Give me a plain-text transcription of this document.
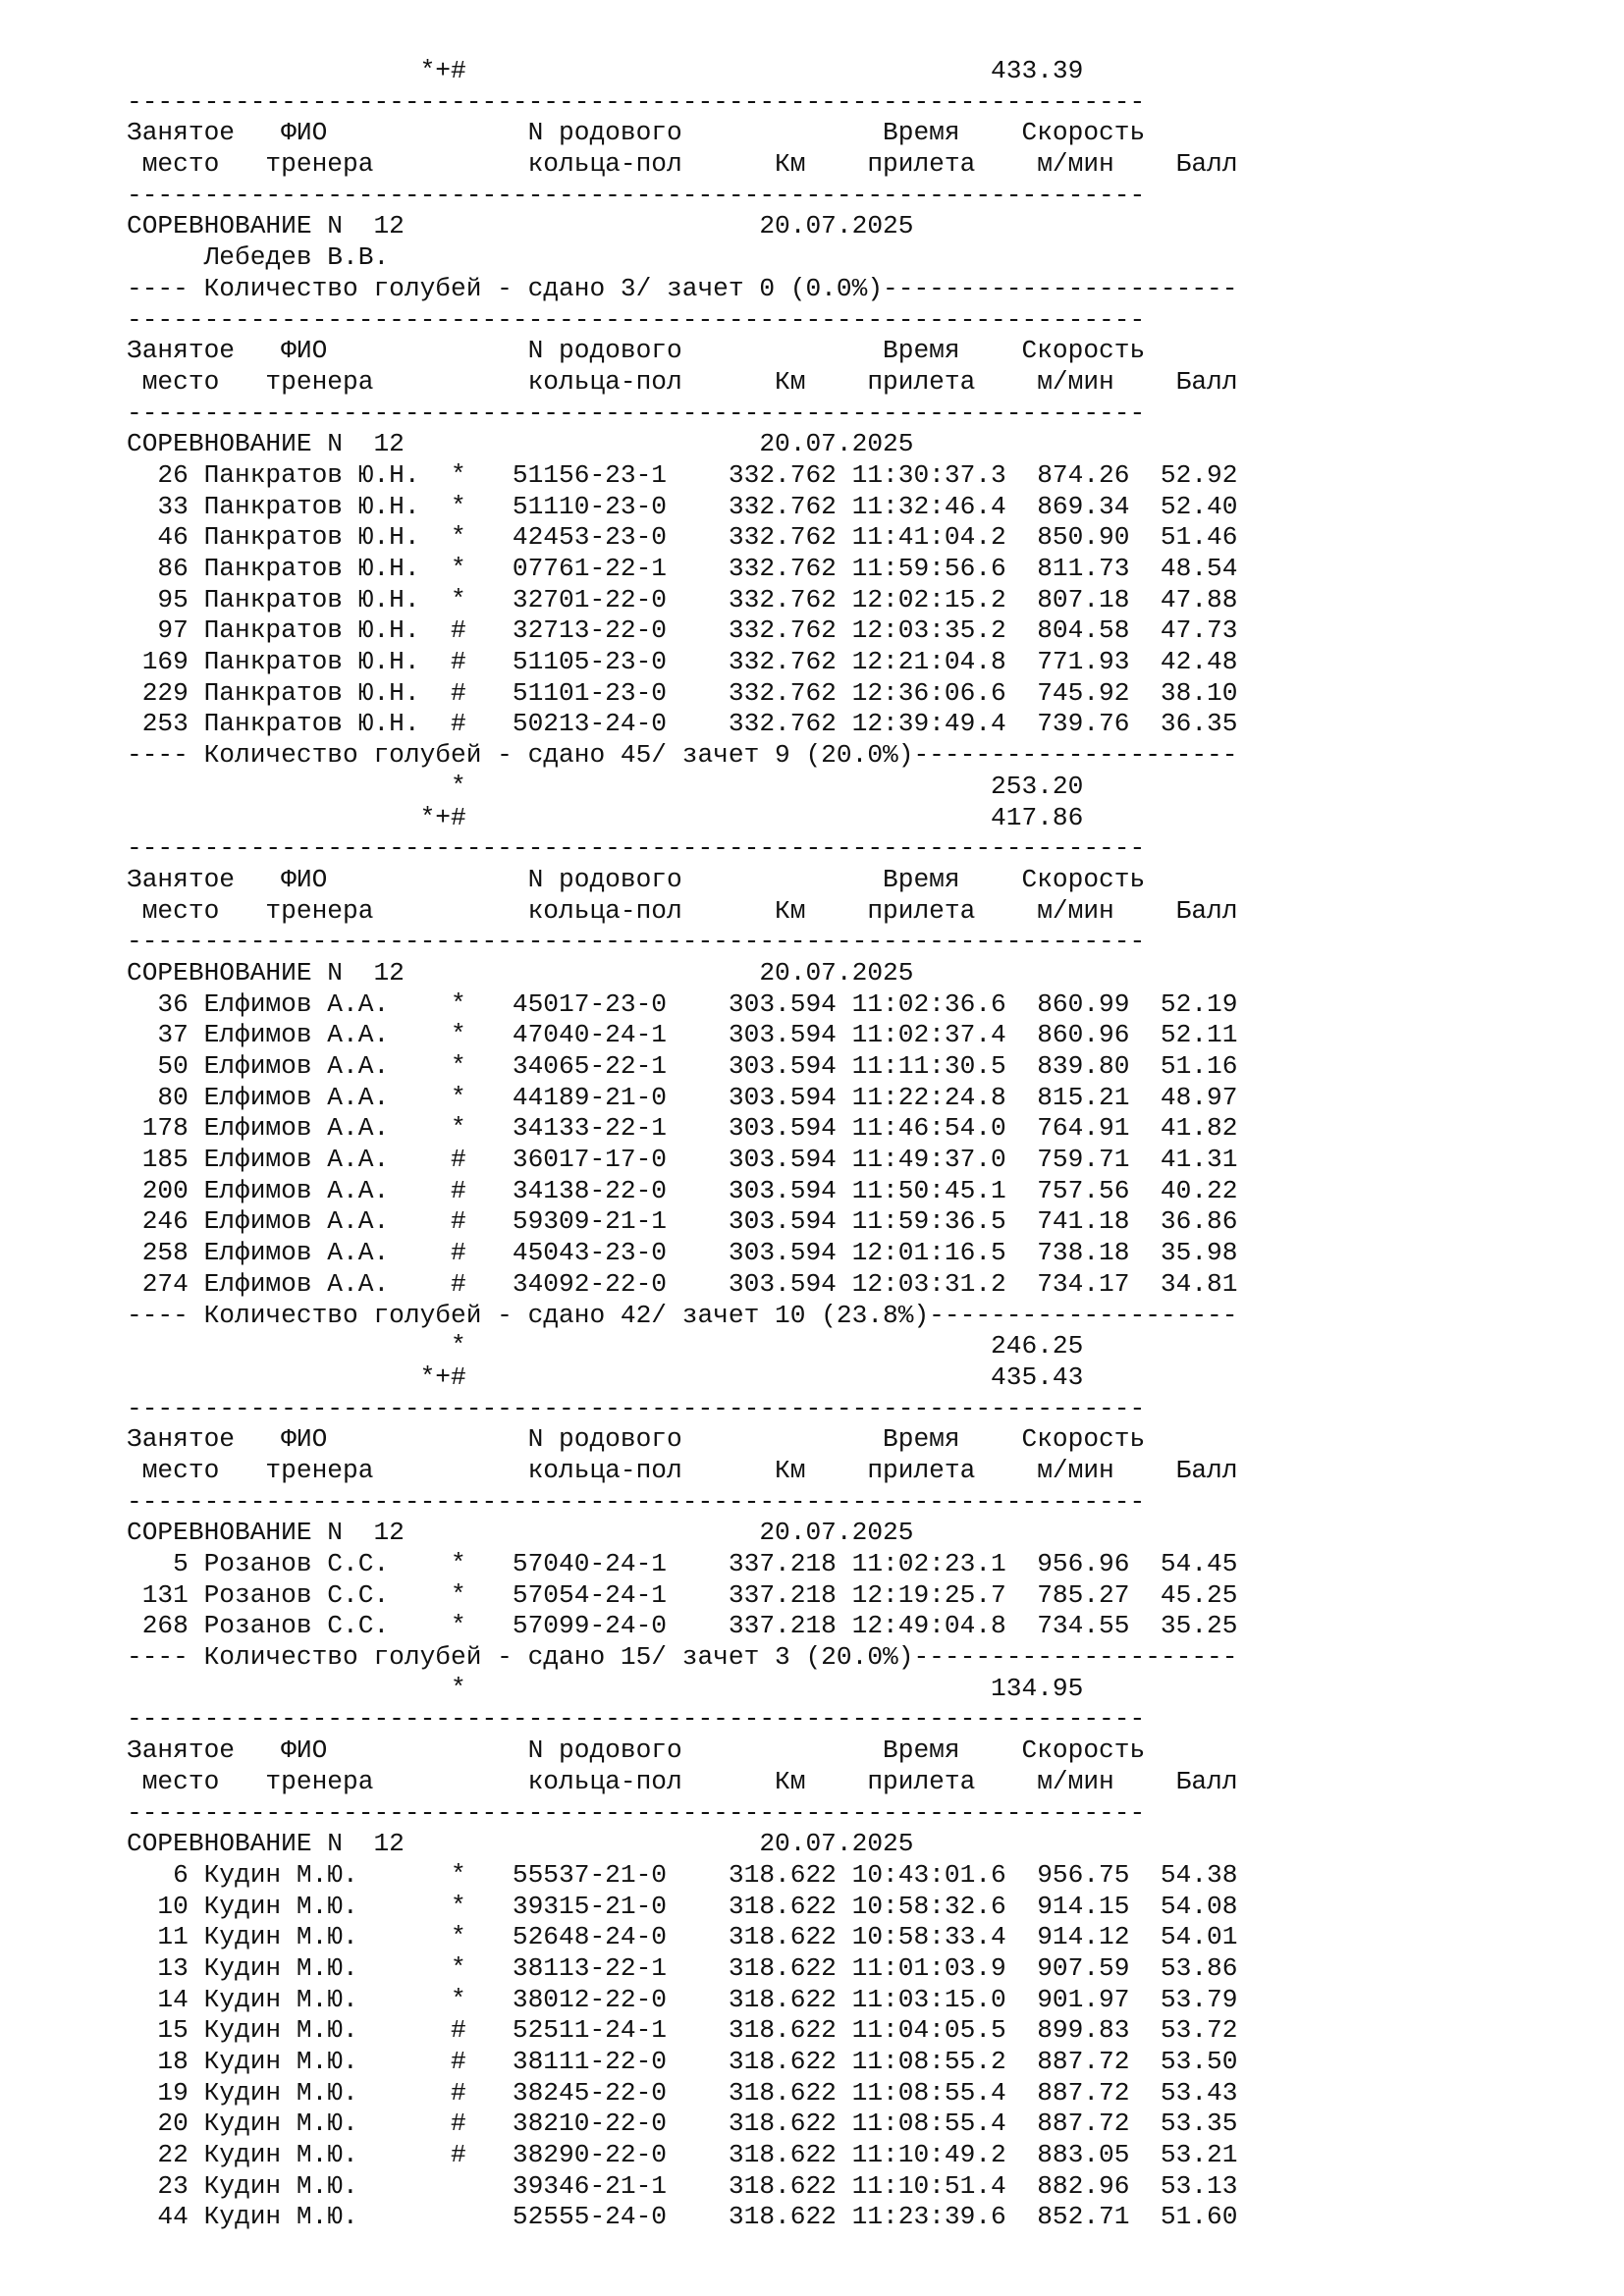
*+#                                  433.39
------------------------------------------------------------------
Занятое   ФИО             N родового             Время    Скорость
место   тренера          кольца-пол      Км    прилета    м/мин    Балл
------------------------------------------------------------------
СОРЕВНОВАНИЕ N  12                       20.07.2025
Лебедев В.В.
---- Количество голубей - сдано 3/ зачет 0 (0.0%)-----------------------
------------------------------------------------------------------
Занятое   ФИО             N родового             Время    Скорость
место   тренера          кольца-пол      Км    прилета    м/мин    Балл
------------------------------------------------------------------
СОРЕВНОВАНИЕ N  12                       20.07.2025
26 Панкратов Ю.Н.  *   51156-23-1    332.762 11:30:37.3  874.26  52.92
33 Панкратов Ю.Н.  *   51110-23-0    332.762 11:32:46.4  869.34  52.40
46 Панкратов Ю.Н.  *   42453-23-0    332.762 11:41:04.2  850.90  51.46
86 Панкратов Ю.Н.  *   07761-22-1    332.762 11:59:56.6  811.73  48.54
95 Панкратов Ю.Н.  *   32701-22-0    332.762 12:02:15.2  807.18  47.88
97 Панкратов Ю.Н.  #   32713-22-0    332.762 12:03:35.2  804.58  47.73
169 Панкратов Ю.Н.  #   51105-23-0    332.762 12:21:04.8  771.93  42.48
229 Панкратов Ю.Н.  #   51101-23-0    332.762 12:36:06.6  745.92  38.10
253 Панкратов Ю.Н.  #   50213-24-0    332.762 12:39:49.4  739.76  36.35
---- Количество голубей - сдано 45/ зачет 9 (20.0%)---------------------
*                                  253.20
*+#                                  417.86
------------------------------------------------------------------
Занятое   ФИО             N родового             Время    Скорость
место   тренера          кольца-пол      Км    прилета    м/мин    Балл
------------------------------------------------------------------
СОРЕВНОВАНИЕ N  12                       20.07.2025
36 Елфимов А.А.    *   45017-23-0    303.594 11:02:36.6  860.99  52.19
37 Елфимов А.А.    *   47040-24-1    303.594 11:02:37.4  860.96  52.11
50 Елфимов А.А.    *   34065-22-1    303.594 11:11:30.5  839.80  51.16
80 Елфимов А.А.    *   44189-21-0    303.594 11:22:24.8  815.21  48.97
178 Елфимов А.А.    *   34133-22-1    303.594 11:46:54.0  764.91  41.82
185 Елфимов А.А.    #   36017-17-0    303.594 11:49:37.0  759.71  41.31
200 Елфимов А.А.    #   34138-22-0    303.594 11:50:45.1  757.56  40.22
246 Елфимов А.А.    #   59309-21-1    303.594 11:59:36.5  741.18  36.86
258 Елфимов А.А.    #   45043-23-0    303.594 12:01:16.5  738.18  35.98
274 Елфимов А.А.    #   34092-22-0    303.594 12:03:31.2  734.17  34.81
---- Количество голубей - сдано 42/ зачет 10 (23.8%)--------------------
*                                  246.25
*+#                                  435.43
------------------------------------------------------------------
Занятое   ФИО             N родового             Время    Скорость
место   тренера          кольца-пол      Км    прилета    м/мин    Балл
------------------------------------------------------------------
СОРЕВНОВАНИЕ N  12                       20.07.2025
5 Розанов С.С.    *   57040-24-1    337.218 11:02:23.1  956.96  54.45
131 Розанов С.С.    *   57054-24-1    337.218 12:19:25.7  785.27  45.25
268 Розанов С.С.    *   57099-24-0    337.218 12:49:04.8  734.55  35.25
---- Количество голубей - сдано 15/ зачет 3 (20.0%)---------------------
*                                  134.95
------------------------------------------------------------------
Занятое   ФИО             N родового             Время    Скорость
место   тренера          кольца-пол      Км    прилета    м/мин    Балл
------------------------------------------------------------------
СОРЕВНОВАНИЕ N  12                       20.07.2025
6 Кудин М.Ю.      *   55537-21-0    318.622 10:43:01.6  956.75  54.38
10 Кудин М.Ю.      *   39315-21-0    318.622 10:58:32.6  914.15  54.08
11 Кудин М.Ю.      *   52648-24-0    318.622 10:58:33.4  914.12  54.01
13 Кудин М.Ю.      *   38113-22-1    318.622 11:01:03.9  907.59  53.86
14 Кудин М.Ю.      *   38012-22-0    318.622 11:03:15.0  901.97  53.79
15 Кудин М.Ю.      #   52511-24-1    318.622 11:04:05.5  899.83  53.72
18 Кудин М.Ю.      #   38111-22-0    318.622 11:08:55.2  887.72  53.50
19 Кудин М.Ю.      #   38245-22-0    318.622 11:08:55.4  887.72  53.43
20 Кудин М.Ю.      #   38210-22-0    318.622 11:08:55.4  887.72  53.35
22 Кудин М.Ю.      #   38290-22-0    318.622 11:10:49.2  883.05  53.21
23 Кудин М.Ю.          39346-21-1    318.622 11:10:51.4  882.96  53.13
44 Кудин М.Ю.          52555-24-0    318.622 11:23:39.6  852.71  51.60
